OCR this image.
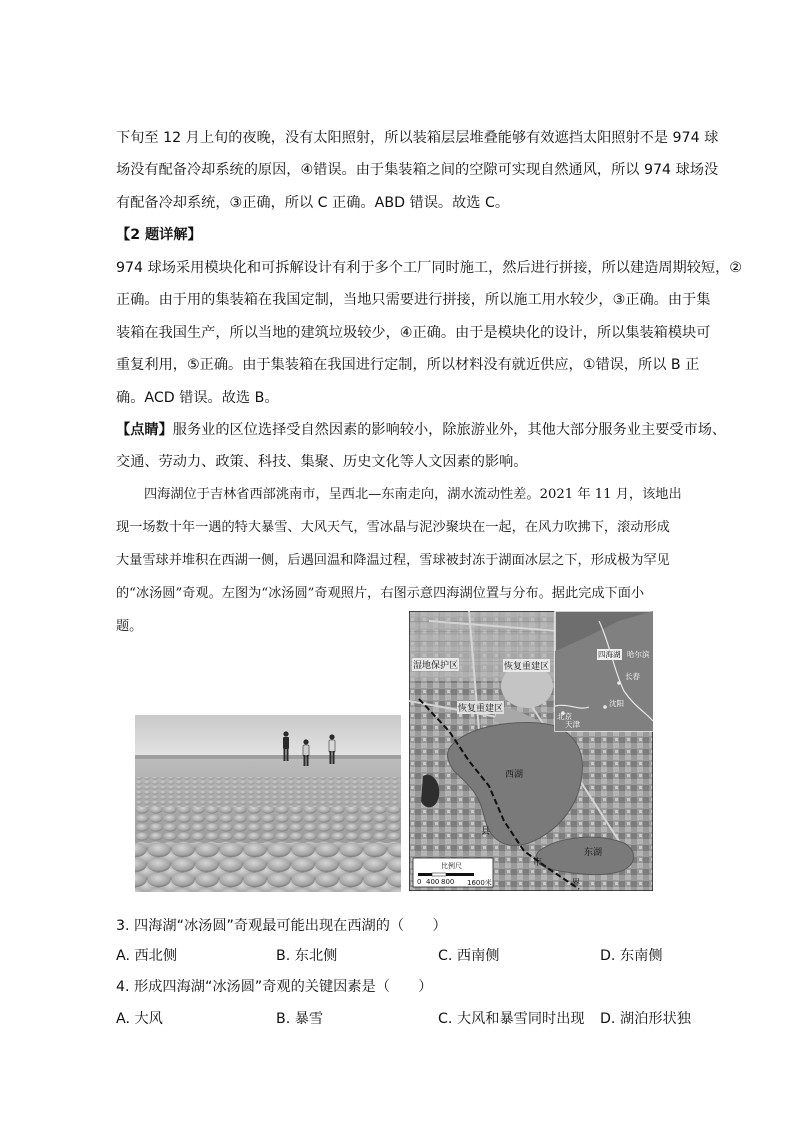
下旬至 12 月上旬的夜晚，没有太阳照射，所以装箱层层堆叠能够有效遮挡太阳照射不是 974 球
场没有配备冷却系统的原因，④错误。由于集装箱之间的空隙可实现自然通风，所以 974 球场没
有配备冷却系统，③正确，所以 C 正确。ABD 错误。故选 C。
【2 题详解】
974 球场采用模块化和可拆解设计有利于多个工厂同时施工，然后进行拼接，所以建造周期较短，②
正确。由于用的集装箱在我国定制，当地只需要进行拼接，所以施工用水较少，③正确。由于集
装箱在我国生产，所以当地的建筑垃圾较少，④正确。由于是模块化的设计，所以集装箱模块可
重复利用，⑤正确。由于集装箱在我国进行定制，所以材料没有就近供应，①错误，所以 B 正
确。ACD 错误。故选 B。
【点睛】服务业的区位选择受自然因素的影响较小，除旅游业外，其他大部分服务业主要受市场、
交通、劳动力、政策、科技、集聚、历史文化等人文因素的影响。
四海湖位于吉林省西部洮南市，呈西北—东南走向，湖水流动性差。2021 年 11 月，该地出
现一场数十年一遇的特大暴雪、大风天气，雪冰晶与泥沙聚块在一起，在风力吹拂下，滚动形成
大量雪球并堆积在西湖一侧，后遇回温和降温过程，雪球被封冻于湖面冰层之下，形成极为罕见
的“冰汤圆”奇观。左图为“冰汤圆”奇观照片，右图示意四海湖位置与分布。据此完成下面小
题。
湿地保护区	恢复重建区
恢复重建区
西湖
东湖
县
市
界
四海湖 哈尔滨
长春
沈阳
北京
天津
比例尺
0 400 800 1600米
3. 四海湖“冰汤圆”奇观最可能出现在西湖的（　　）
A. 西北侧	B. 东北侧	C. 西南侧	D. 东南侧
4. 形成四海湖“冰汤圆”奇观的关键因素是（　　）
A. 大风	B. 暴雪	C. 大风和暴雪同时出现 D. 湖泊形状独
